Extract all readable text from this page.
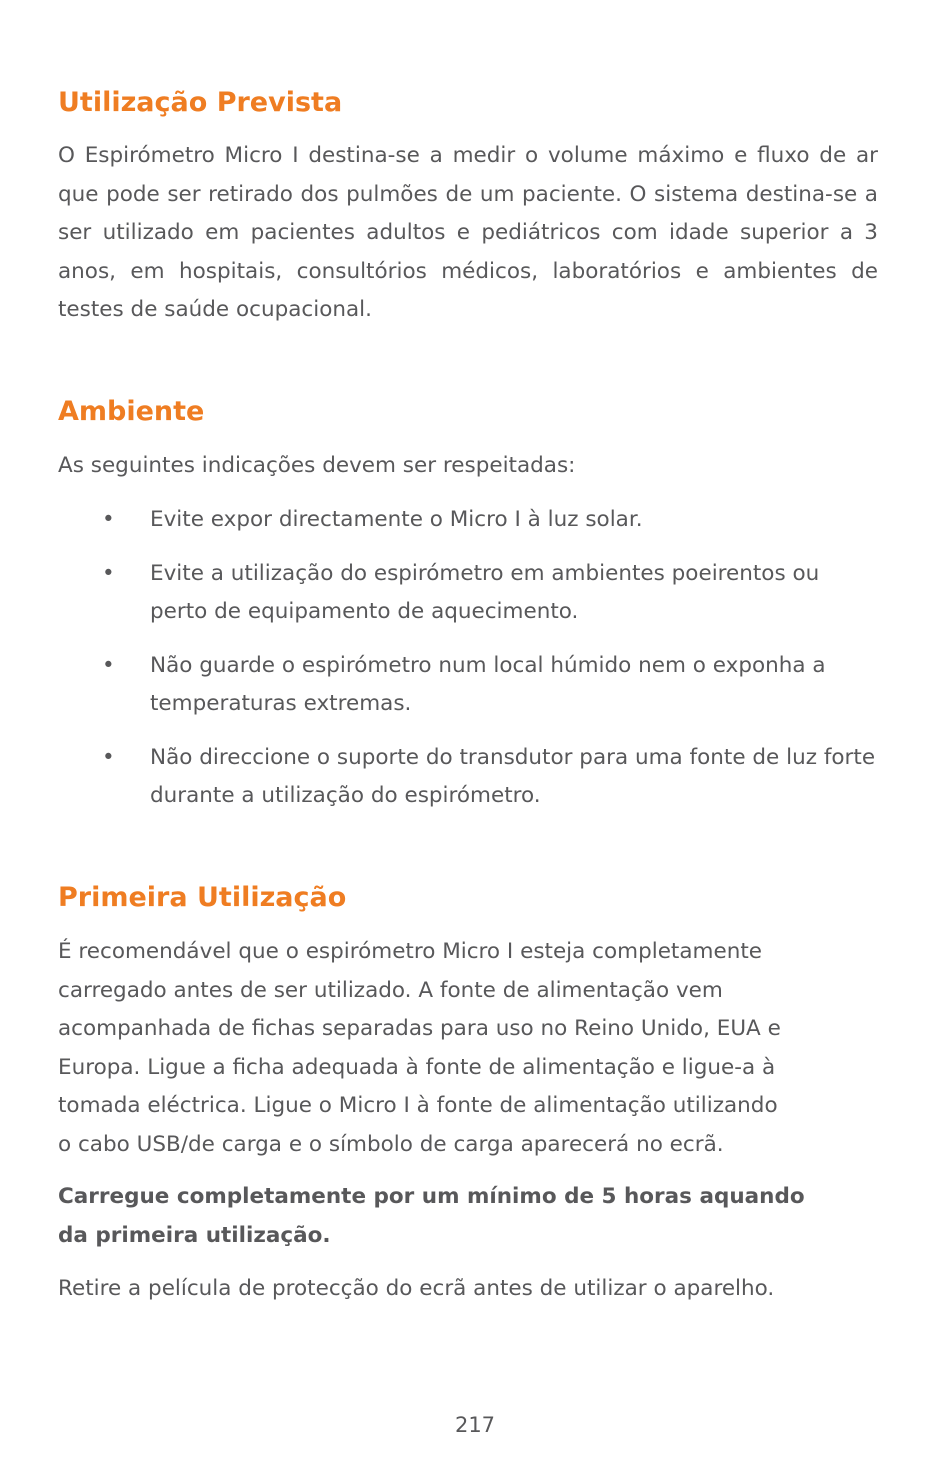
Utilização Prevista

O Espirómetro Micro I destina-se a medir o volume máximo e fluxo de ar que pode ser retirado dos pulmões de um paciente. O sistema destina-se a ser utilizado em pacientes adultos e pediátricos com idade superior a 3 anos, em hospitais, consultórios médicos, laboratórios e ambientes de testes de saúde ocupacional.

Ambiente

As seguintes indicações devem ser respeitadas:

• Evite expor directamente o Micro I à luz solar.
• Evite a utilização do espirómetro em ambientes poeirentos ou perto de equipamento de aquecimento.
• Não guarde o espirómetro num local húmido nem o exponha a temperaturas extremas.
• Não direccione o suporte do transdutor para uma fonte de luz forte durante a utilização do espirómetro.
Primeira Utilização

É recomendável que o espirómetro Micro I esteja completamente
carregado antes de ser utilizado. A fonte de alimentação vem
acompanhada de fichas separadas para uso no Reino Unido, EUA e
Europa. Ligue a ficha adequada à fonte de alimentação e ligue-a à
tomada eléctrica. Ligue o Micro I à fonte de alimentação utilizando
o cabo USB/de carga e o símbolo de carga aparecerá no ecrã.

Carregue completamente por um mínimo de 5 horas aquando
da primeira utilização.

Retire a película de protecção do ecrã antes de utilizar o aparelho.

217
